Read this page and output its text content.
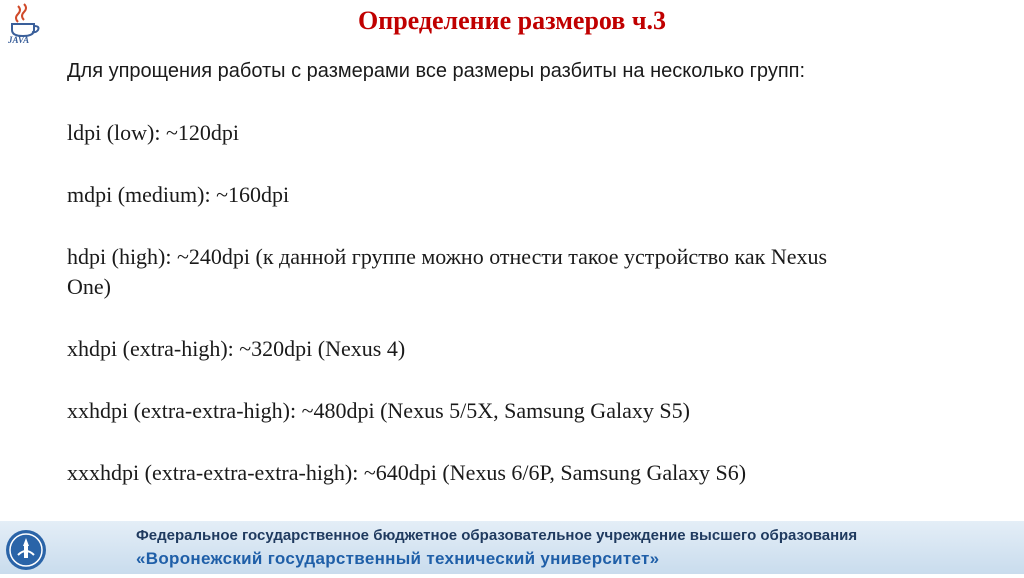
JAVA
Определение размеров ч.3
Для упрощения работы с размерами все размеры разбиты на несколько групп:
ldpi (low): ~120dpi
mdpi (medium): ~160dpi
hdpi (high): ~240dpi (к данной группе можно отнести такое устройство как Nexus
One)
xhdpi (extra-high): ~320dpi (Nexus 4)
xxhdpi (extra-extra-high): ~480dpi (Nexus 5/5X, Samsung Galaxy S5)
xxxhdpi (extra-extra-extra-high): ~640dpi (Nexus 6/6P, Samsung Galaxy S6)
Федеральное государственное бюджетное образовательное учреждение высшего образования
«Воронежский государственный технический университет»
